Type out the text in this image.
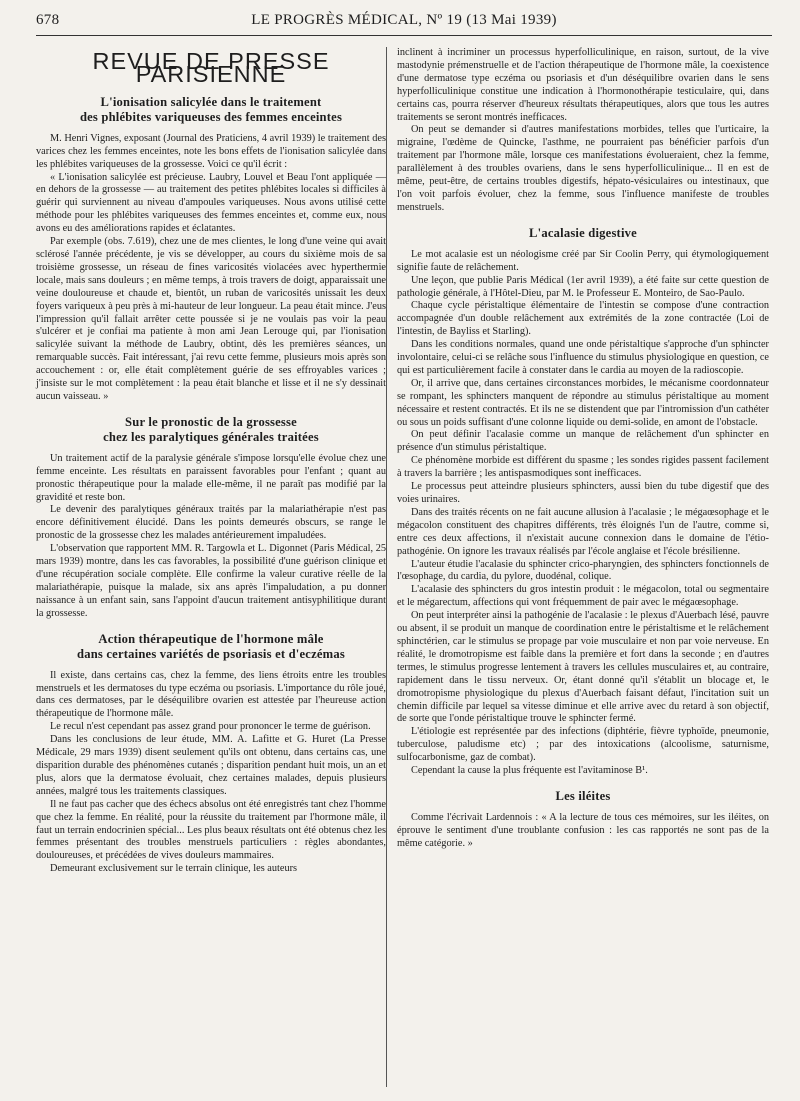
678	LE PROGRÈS MÉDICAL, Nº 19 (13 Mai 1939)
REVUE DE PRESSE PARISIENNE
L'ionisation salicylée dans le traitement
des phlébites variqueuses des femmes enceintes

M. Henri Vignes, exposant (Journal des Praticiens, 4 avril 1939) le traitement des varices chez les femmes enceintes, note les bons effets de l'ionisation salicylée dans les phlébites variqueuses de la grossesse. Voici ce qu'il écrit :

« L'ionisation salicylée est précieuse. Laubry, Louvel et Beau l'ont appliquée — en dehors de la grossesse — au traitement des petites phlébites locales si difficiles à guérir qui surviennent au niveau d'ampoules variqueuses. Nous avons utilisé cette méthode pour les phlébites variqueuses des femmes enceintes et, comme eux, nous avons eu des améliorations rapides et éclatantes.

Par exemple (obs. 7.619), chez une de mes clientes, le long d'une veine qui avait sclérosé l'année précédente, je vis se développer, au cours du sixième mois de sa troisième grossesse, un réseau de fines varicosités violacées avec hyperthermie locale, mais sans douleurs ; en même temps, à trois travers de doigt, apparaissait une veine douloureuse et chaude et, bientôt, un ruban de varicosités unissait les deux foyers variqueux à peu près à mi-hauteur de leur longueur. La peau était mince. J'eus l'impression qu'il fallait arrêter cette poussée si je ne voulais pas voir la peau s'ulcérer et je confiai ma patiente à mon ami Jean Lerouge qui, par l'ionisation salicylée suivant la méthode de Laubry, obtint, dès les premières séances, un remarquable succès. Fait intéressant, j'ai revu cette femme, plusieurs mois après son accouchement : or, elle était complètement guérie de ses effroyables varices ; j'insiste sur le mot complètement : la peau était blanche et lisse et il ne s'y dessinait aucun vaisseau. »

Sur le pronostic de la grossesse
chez les paralytiques générales traitées

Un traitement actif de la paralysie générale s'impose lorsqu'elle évolue chez une femme enceinte. Les résultats en paraissent favorables pour l'enfant ; quant au pronostic thérapeutique pour la malade elle-même, il ne paraît pas modifié par la gravidité et reste bon.

Le devenir des paralytiques généraux traités par la malariathérapie n'est pas encore définitivement élucidé. Dans les points demeurés obscurs, se range le pronostic de la grossesse chez les malades antérieurement impaludées.

L'observation que rapportent MM. R. Targowla et L. Digonnet (Paris Médical, 25 mars 1939) montre, dans les cas favorables, la possibilité d'une guérison clinique et d'une récupération sociale complète. Elle confirme la valeur curative réelle de la malariathérapie, puisque la malade, six ans après l'impaludation, a pu donner naissance à un enfant sain, sans l'appoint d'aucun traitement antisyphilitique durant la grossesse.

Action thérapeutique de l'hormone mâle
dans certaines variétés de psoriasis et d'eczémas

Il existe, dans certains cas, chez la femme, des liens étroits entre les troubles menstruels et les dermatoses du type eczéma ou psoriasis. L'importance du rôle joué, dans ces dermatoses, par le déséquilibre ovarien est attestée par l'heureuse action thérapeutique de l'hormone mâle.

Le recul n'est cependant pas assez grand pour prononcer le terme de guérison.

Dans les conclusions de leur étude, MM. A. Lafitte et G. Huret (La Presse Médicale, 29 mars 1939) disent seulement qu'ils ont obtenu, dans certains cas, une disparition durable des phénomènes cutanés ; disparition pendant huit mois, un an et plus, alors que la dermatose évoluait, chez certaines malades, depuis plusieurs années, malgré tous les traitements classiques.

Il ne faut pas cacher que des échecs absolus ont été enregistrés tant chez l'homme que chez la femme. En réalité, pour la réussite du traitement par l'hormone mâle, il faut un terrain endocrinien spécial... Les plus beaux résultats ont été obtenus chez les femmes présentant des troubles menstruels particuliers : règles abondantes, douloureuses, et précédées de vives douleurs mammaires.

Demeurant exclusivement sur le terrain clinique, les auteurs

inclinent à incriminer un processus hyperfolliculinique, en raison, surtout, de la vive mastodynie prémenstruelle et de l'action thérapeutique de l'hormone mâle, la coexistence d'une dermatose type eczéma ou psoriasis et d'un déséquilibre ovarien dans le sens hyperfolliculinique constitue une indication à l'hormonothérapie testiculaire, qui, dans certains cas, pourra réserver d'heureux résultats thérapeutiques, alors que tous les autres traitements se seront montrés inefficaces.

On peut se demander si d'autres manifestations morbides, telles que l'urticaire, la migraine, l'œdème de Quincke, l'asthme, ne pourraient pas bénéficier parfois d'un traitement par l'hormone mâle, lorsque ces manifestations évolueraient, chez la femme, parallèlement à des troubles ovariens, dans le sens hyperfolliculinique... Il en est de même, peut-être, de certains troubles digestifs, hépato-vésiculaires ou intestinaux, que l'on voit parfois évoluer, chez la femme, sous l'influence manifeste de troubles menstruels.

L'acalasie digestive

Le mot acalasie est un néologisme créé par Sir Coolin Perry, qui étymologiquement signifie faute de relâchement.

Une leçon, que publie Paris Médical (1er avril 1939), a été faite sur cette question de pathologie générale, à l'Hôtel-Dieu, par M. le Professeur E. Monteiro, de Sao-Paulo.

Chaque cycle péristaltique élémentaire de l'intestin se compose d'une contraction accompagnée d'un double relâchement aux extrémités de la zone contractée (Loi de l'intestin, de Bayliss et Starling).

Dans les conditions normales, quand une onde péristaltique s'approche d'un sphincter involontaire, celui-ci se relâche sous l'influence du stimulus physiologique en question, ce qui est particulièrement facile à constater dans le cardia au moyen de la radioscopie.

Or, il arrive que, dans certaines circonstances morbides, le mécanisme coordonnateur se rompant, les sphincters manquent de répondre au stimulus péristaltique au moment nécessaire et restent contractés. Et ils ne se distendent que par l'intromission d'un cathéter ou sous un poids suffisant d'une colonne liquide ou demi-solide, en amont de l'obstacle.

On peut définir l'acalasie comme un manque de relâchement d'un sphincter en présence d'un stimulus péristaltique.

Ce phénomène morbide est différent du spasme ; les sondes rigides passent facilement à travers la barrière ; les antispasmodiques sont inefficaces.

Le processus peut atteindre plusieurs sphincters, aussi bien du tube digestif que des voies urinaires.

Dans des traités récents on ne fait aucune allusion à l'acalasie ; le mégaœsophage et le mégacolon constituent des chapitres différents, très éloignés l'un de l'autre, comme si, entre ces deux affections, il n'existait aucune connexion dans le domaine de l'étio-pathogénie. On ignore les travaux réalisés par l'école anglaise et l'école brésilienne.

L'auteur étudie l'acalasie du sphincter crico-pharyngien, des sphincters fonctionnels de l'œsophage, du cardia, du pylore, duodénal, colique.

L'acalasie des sphincters du gros intestin produit : le mégacolon, total ou segmentaire et le mégarectum, affections qui vont fréquemment de pair avec le mégaœsophage.

On peut interpréter ainsi la pathogénie de l'acalasie : le plexus d'Auerbach lésé, pauvre ou absent, il se produit un manque de coordination entre le péristaltisme et le relâchement sphinctérien, car le stimulus se propage par voie musculaire et non par voie nerveuse. En réalité, le dromotropisme est faible dans la première et fort dans la seconde ; en d'autres termes, le stimulus progresse lentement à travers les cellules musculaires et, au contraire, rapidement dans le tissu nerveux. Or, étant donné qu'il s'établit un blocage et, le dromotropisme physiologique du plexus d'Auerbach faisant défaut, l'incitation suit un chemin difficile par lequel sa vitesse diminue et elle arrive avec du retard à son objectif, de sorte que l'onde péristaltique trouve le sphincter fermé.

L'étiologie est représentée par des infections (diphtérie, fièvre typhoïde, pneumonie, tuberculose, paludisme etc) ; par des intoxications (alcoolisme, saturnisme, sulfocarbonisme, gaz de combat).

Cependant la cause la plus fréquente est l'avitaminose B¹.

Les iléites

Comme l'écrivait Lardennois : « A la lecture de tous ces mémoires, sur les iléites, on éprouve le sentiment d'une troublante confusion : les cas rapportés ne sont pas de la même catégorie. »
